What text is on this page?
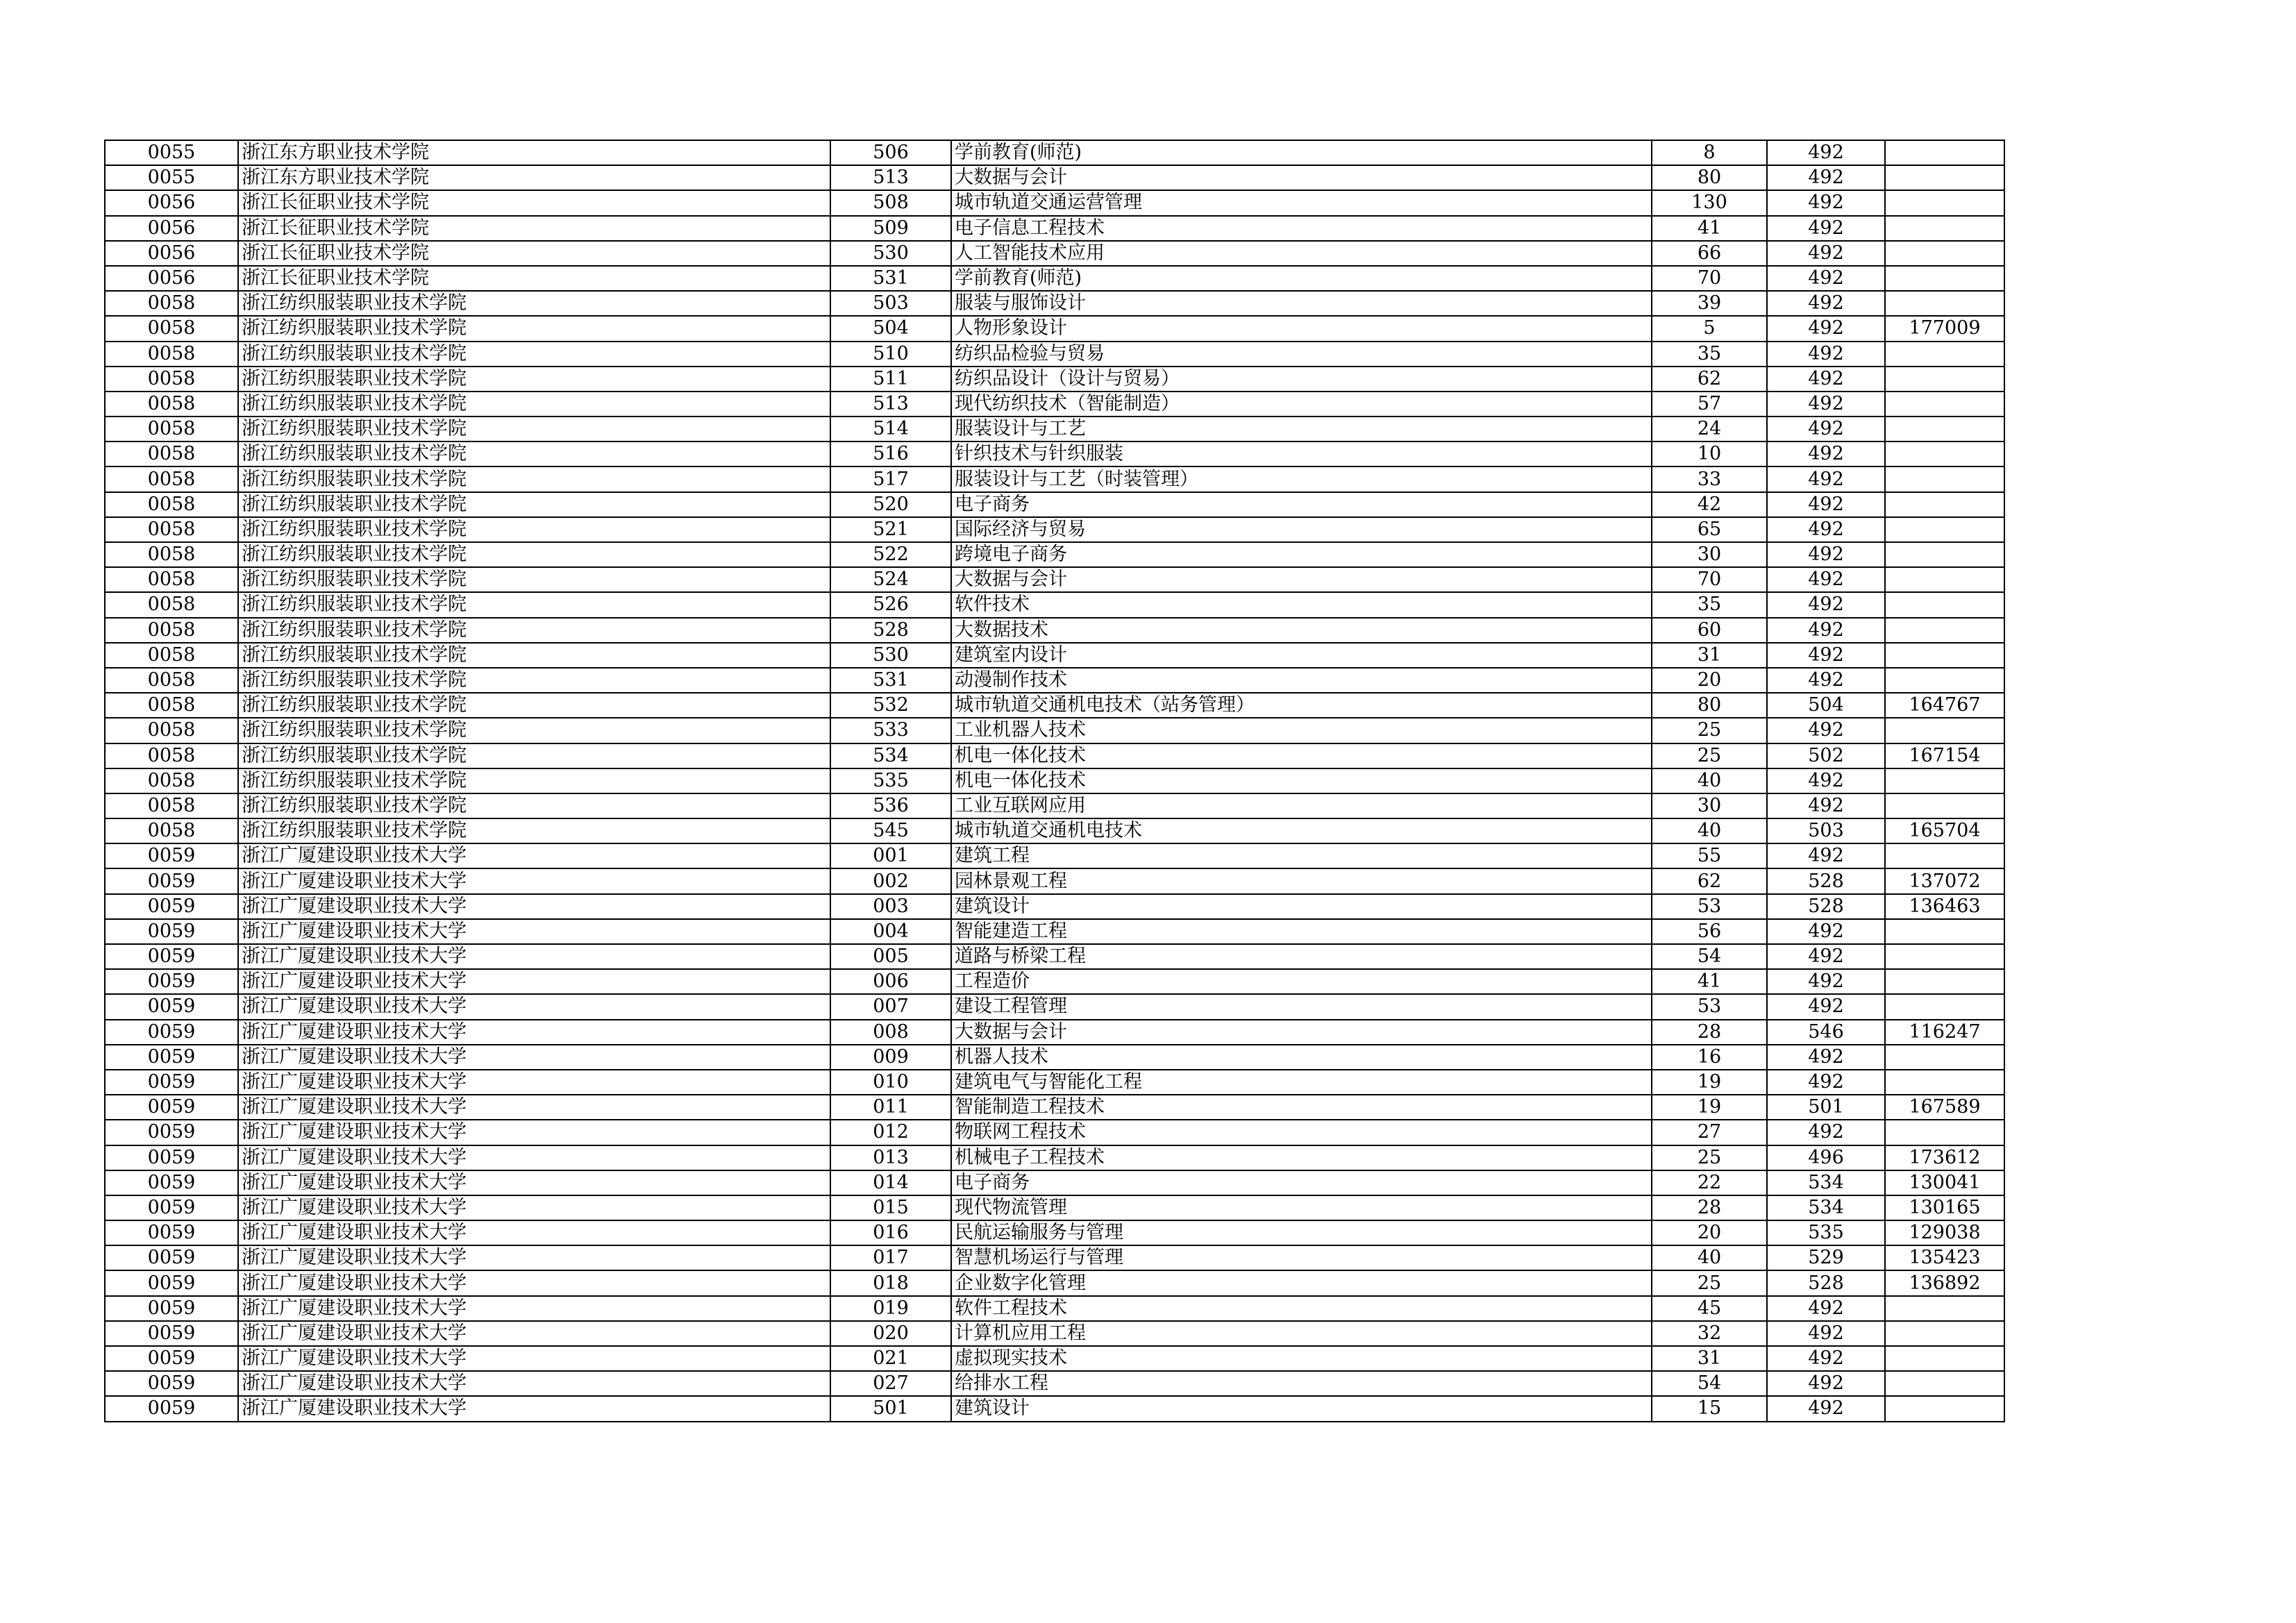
0055	浙江东方职业技术学院	506	学前教育(师范)	8	492	
0055	浙江东方职业技术学院	513	大数据与会计	80	492	
0056	浙江长征职业技术学院	508	城市轨道交通运营管理	130	492	
0056	浙江长征职业技术学院	509	电子信息工程技术	41	492	
0056	浙江长征职业技术学院	530	人工智能技术应用	66	492	
0056	浙江长征职业技术学院	531	学前教育(师范)	70	492	
0058	浙江纺织服装职业技术学院	503	服装与服饰设计	39	492	
0058	浙江纺织服装职业技术学院	504	人物形象设计	5	492	177009
0058	浙江纺织服装职业技术学院	510	纺织品检验与贸易	35	492	
0058	浙江纺织服装职业技术学院	511	纺织品设计（设计与贸易）	62	492	
0058	浙江纺织服装职业技术学院	513	现代纺织技术（智能制造）	57	492	
0058	浙江纺织服装职业技术学院	514	服装设计与工艺	24	492	
0058	浙江纺织服装职业技术学院	516	针织技术与针织服装	10	492	
0058	浙江纺织服装职业技术学院	517	服装设计与工艺（时装管理）	33	492	
0058	浙江纺织服装职业技术学院	520	电子商务	42	492	
0058	浙江纺织服装职业技术学院	521	国际经济与贸易	65	492	
0058	浙江纺织服装职业技术学院	522	跨境电子商务	30	492	
0058	浙江纺织服装职业技术学院	524	大数据与会计	70	492	
0058	浙江纺织服装职业技术学院	526	软件技术	35	492	
0058	浙江纺织服装职业技术学院	528	大数据技术	60	492	
0058	浙江纺织服装职业技术学院	530	建筑室内设计	31	492	
0058	浙江纺织服装职业技术学院	531	动漫制作技术	20	492	
0058	浙江纺织服装职业技术学院	532	城市轨道交通机电技术（站务管理）	80	504	164767
0058	浙江纺织服装职业技术学院	533	工业机器人技术	25	492	
0058	浙江纺织服装职业技术学院	534	机电一体化技术	25	502	167154
0058	浙江纺织服装职业技术学院	535	机电一体化技术	40	492	
0058	浙江纺织服装职业技术学院	536	工业互联网应用	30	492	
0058	浙江纺织服装职业技术学院	545	城市轨道交通机电技术	40	503	165704
0059	浙江广厦建设职业技术大学	001	建筑工程	55	492	
0059	浙江广厦建设职业技术大学	002	园林景观工程	62	528	137072
0059	浙江广厦建设职业技术大学	003	建筑设计	53	528	136463
0059	浙江广厦建设职业技术大学	004	智能建造工程	56	492	
0059	浙江广厦建设职业技术大学	005	道路与桥梁工程	54	492	
0059	浙江广厦建设职业技术大学	006	工程造价	41	492	
0059	浙江广厦建设职业技术大学	007	建设工程管理	53	492	
0059	浙江广厦建设职业技术大学	008	大数据与会计	28	546	116247
0059	浙江广厦建设职业技术大学	009	机器人技术	16	492	
0059	浙江广厦建设职业技术大学	010	建筑电气与智能化工程	19	492	
0059	浙江广厦建设职业技术大学	011	智能制造工程技术	19	501	167589
0059	浙江广厦建设职业技术大学	012	物联网工程技术	27	492	
0059	浙江广厦建设职业技术大学	013	机械电子工程技术	25	496	173612
0059	浙江广厦建设职业技术大学	014	电子商务	22	534	130041
0059	浙江广厦建设职业技术大学	015	现代物流管理	28	534	130165
0059	浙江广厦建设职业技术大学	016	民航运输服务与管理	20	535	129038
0059	浙江广厦建设职业技术大学	017	智慧机场运行与管理	40	529	135423
0059	浙江广厦建设职业技术大学	018	企业数字化管理	25	528	136892
0059	浙江广厦建设职业技术大学	019	软件工程技术	45	492	
0059	浙江广厦建设职业技术大学	020	计算机应用工程	32	492	
0059	浙江广厦建设职业技术大学	021	虚拟现实技术	31	492	
0059	浙江广厦建设职业技术大学	027	给排水工程	54	492	
0059	浙江广厦建设职业技术大学	501	建筑设计	15	492	
